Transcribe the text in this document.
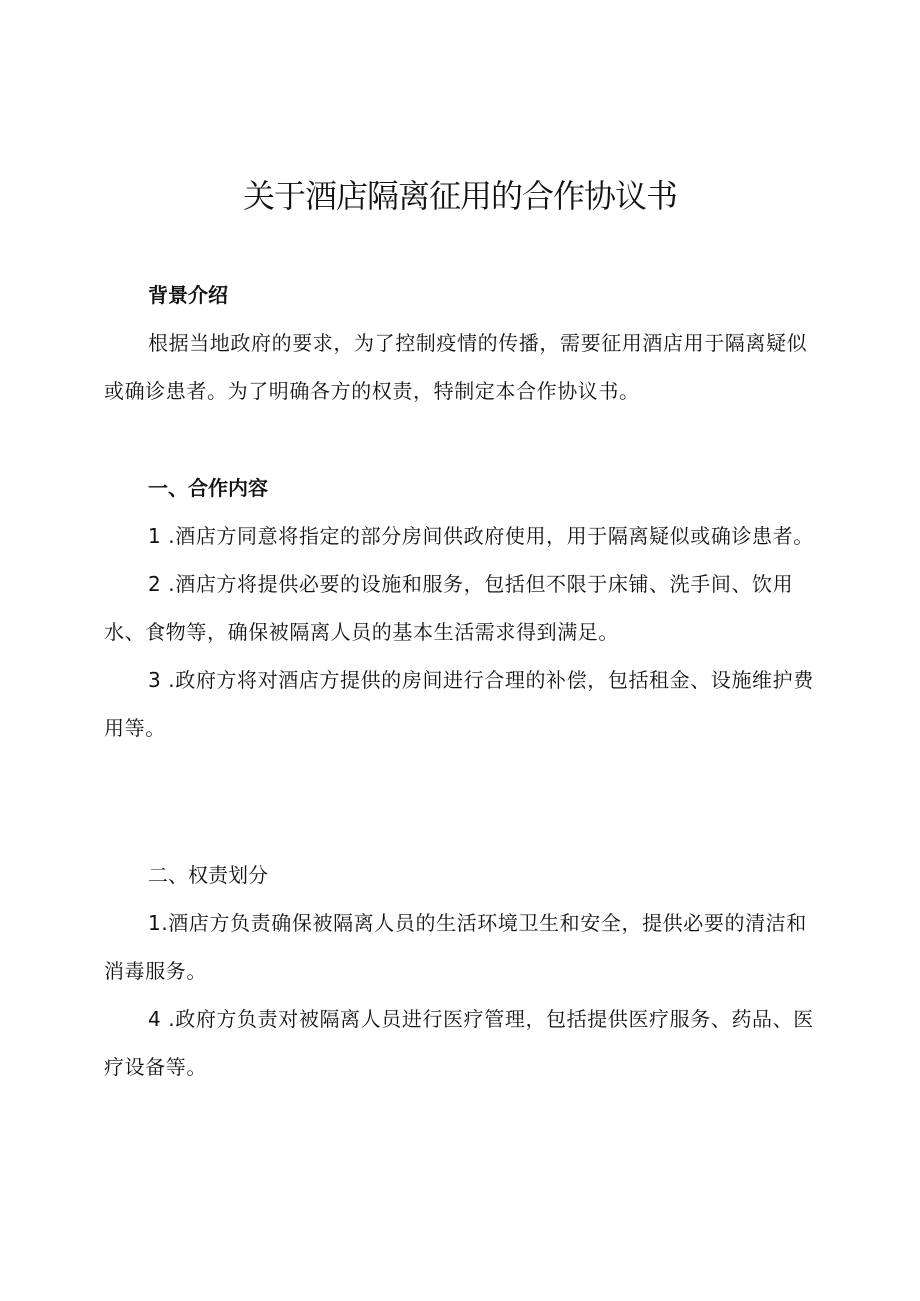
关于酒店隔离征用的合作协议书

背景介绍

根据当地政府的要求，为了控制疫情的传播，需要征用酒店用于隔离疑似或确诊患者。为了明确各方的权责，特制定本合作协议书。

一、合作内容

1 .酒店方同意将指定的部分房间供政府使用，用于隔离疑似或确诊患者。

2 .酒店方将提供必要的设施和服务，包括但不限于床铺、洗手间、饮用水、食物等，确保被隔离人员的基本生活需求得到满足。

3 .政府方将对酒店方提供的房间进行合理的补偿，包括租金、设施维护费用等。

二、权责划分

1.酒店方负责确保被隔离人员的生活环境卫生和安全，提供必要的清洁和消毒服务。

4 .政府方负责对被隔离人员进行医疗管理，包括提供医疗服务、药品、医疗设备等。
